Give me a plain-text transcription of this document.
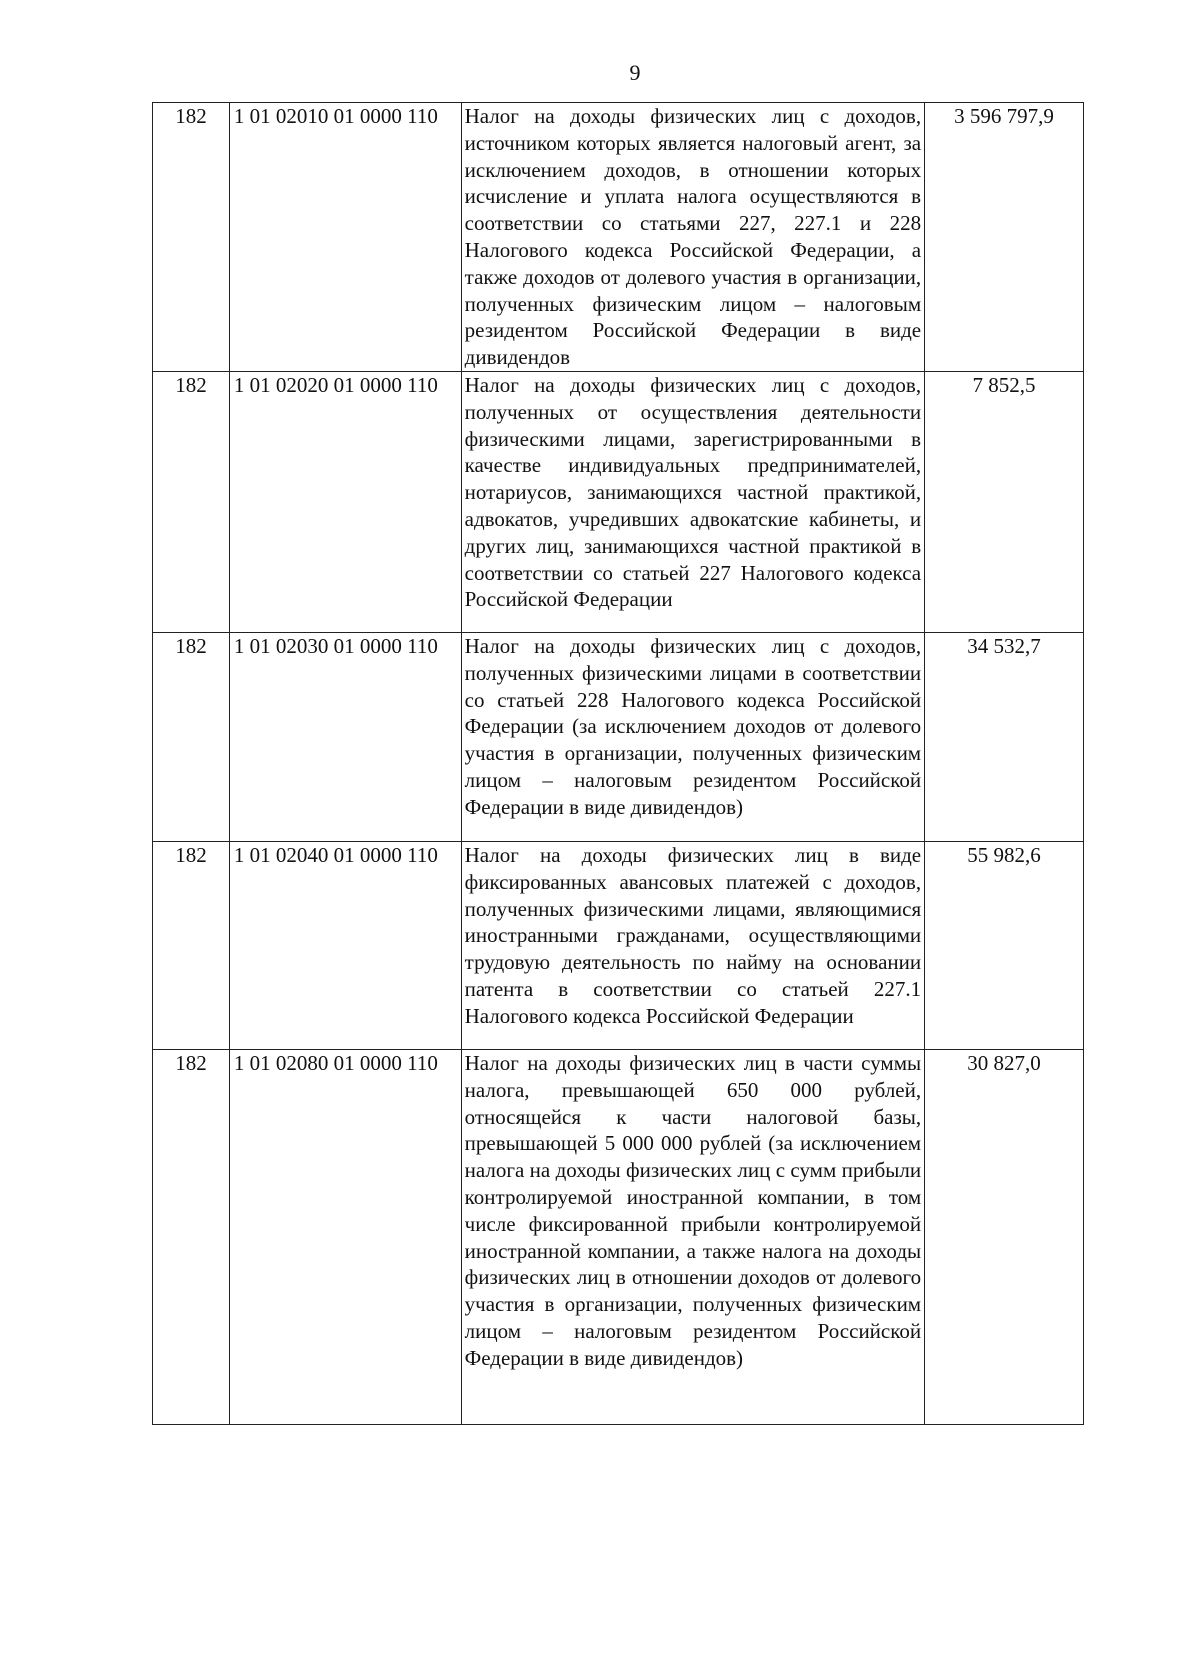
9
182	1 01 02010 01 0000 110	Налог на доходы физических лиц с доходов, источником которых является налоговый агент, за исключением доходов, в отношении которых исчисление и уплата налога осуществляются в соответствии со статьями 227, 227.1 и 228 Налогового кодекса Российской Федерации, а также доходов от долевого участия в организации, полученных физическим лицом – налоговым резидентом Российской Федерации в виде дивидендов	3 596 797,9
182	1 01 02020 01 0000 110	Налог на доходы физических лиц с доходов, полученных от осуществления деятельности физическими лицами, зарегистрированными в качестве индивидуальных предпринимателей, нотариусов, занимающихся частной практикой, адвокатов, учредивших адвокатские кабинеты, и других лиц, занимающихся частной практикой в соответствии со статьей 227 Налогового кодекса Российской Федерации	7 852,5
182	1 01 02030 01 0000 110	Налог на доходы физических лиц с доходов, полученных физическими лицами в соответствии со статьей 228 Налогового кодекса Российской Федерации (за исключением доходов от долевого участия в организации, полученных физическим лицом – налоговым резидентом Российской Федерации в виде дивидендов)	34 532,7
182	1 01 02040 01 0000 110	Налог на доходы физических лиц в виде фиксированных авансовых платежей с доходов, полученных физическими лицами, являющимися иностранными гражданами, осуществляющими трудовую деятельность по найму на основании патента в соответствии со статьей 227.1 Налогового кодекса Российской Федерации	55 982,6
182	1 01 02080 01 0000 110	Налог на доходы физических лиц в части суммы налога, превышающей 650 000 рублей, относящейся к части налоговой базы, превышающей 5 000 000 рублей (за исключением налога на доходы физических лиц с сумм прибыли контролируемой иностранной компании, в том числе фиксированной прибыли контролируемой иностранной компании, а также налога на доходы физических лиц в отношении доходов от долевого участия в организации, полученных физическим лицом – налоговым резидентом Российской Федерации в виде дивидендов)	30 827,0
